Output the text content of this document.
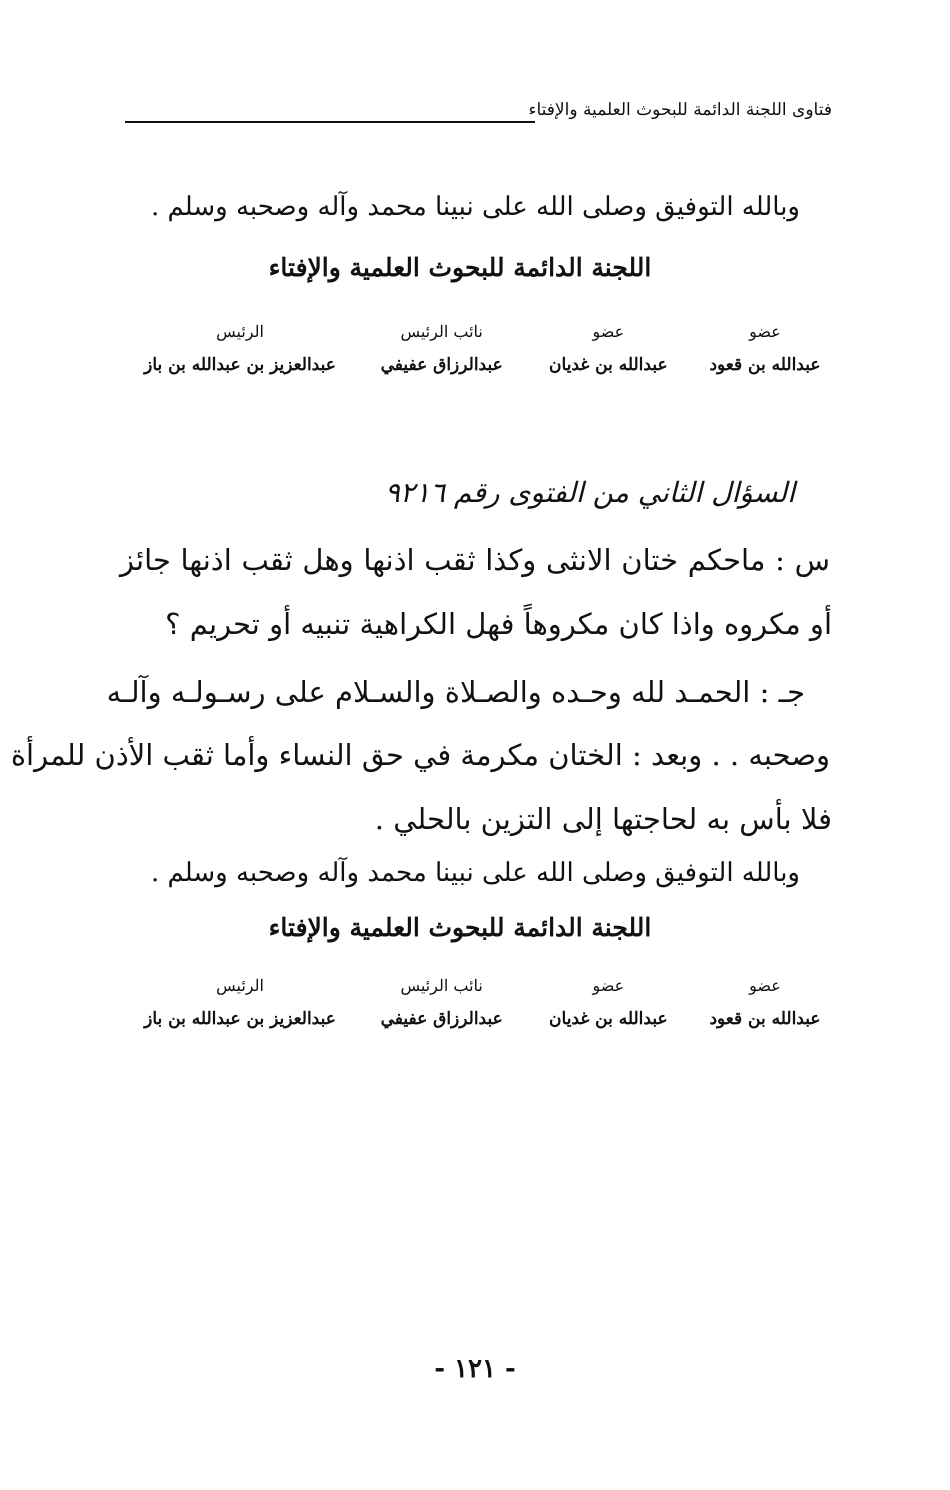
فتاوى اللجنة الدائمة للبحوث العلمية والإفتاء
وبالله التوفيق وصلى الله على نبينا محمد وآله وصحبه وسلم .
اللجنة الدائمة للبحوث العلمية والإفتاء
عضو
عبدالله بن قعود
عضو
عبدالله بن غديان
نائب الرئيس
عبدالرزاق عفيفي
الرئيس
عبدالعزيز بن عبدالله بن باز
السؤال الثاني من الفتوى رقم ٩٢١٦
س : ماحكم ختان الانثى وكذا ثقب اذنها وهل ثقب اذنها جائز
أو مكروه واذا كان مكروهاً فهل الكراهية تنبيه أو تحريم ؟
جـ : الحمـد لله وحـده والصـلاة والسـلام على رسـولـه وآلـه
وصحبه . . وبعد : الختان مكرمة في حق النساء وأما ثقب الأذن للمرأة
فلا بأس به لحاجتها إلى التزين بالحلي .
وبالله التوفيق وصلى الله على نبينا محمد وآله وصحبه وسلم .
اللجنة الدائمة للبحوث العلمية والإفتاء
عضو
عبدالله بن قعود
عضو
عبدالله بن غديان
نائب الرئيس
عبدالرزاق عفيفي
الرئيس
عبدالعزيز بن عبدالله بن باز
- ١٢١ -
